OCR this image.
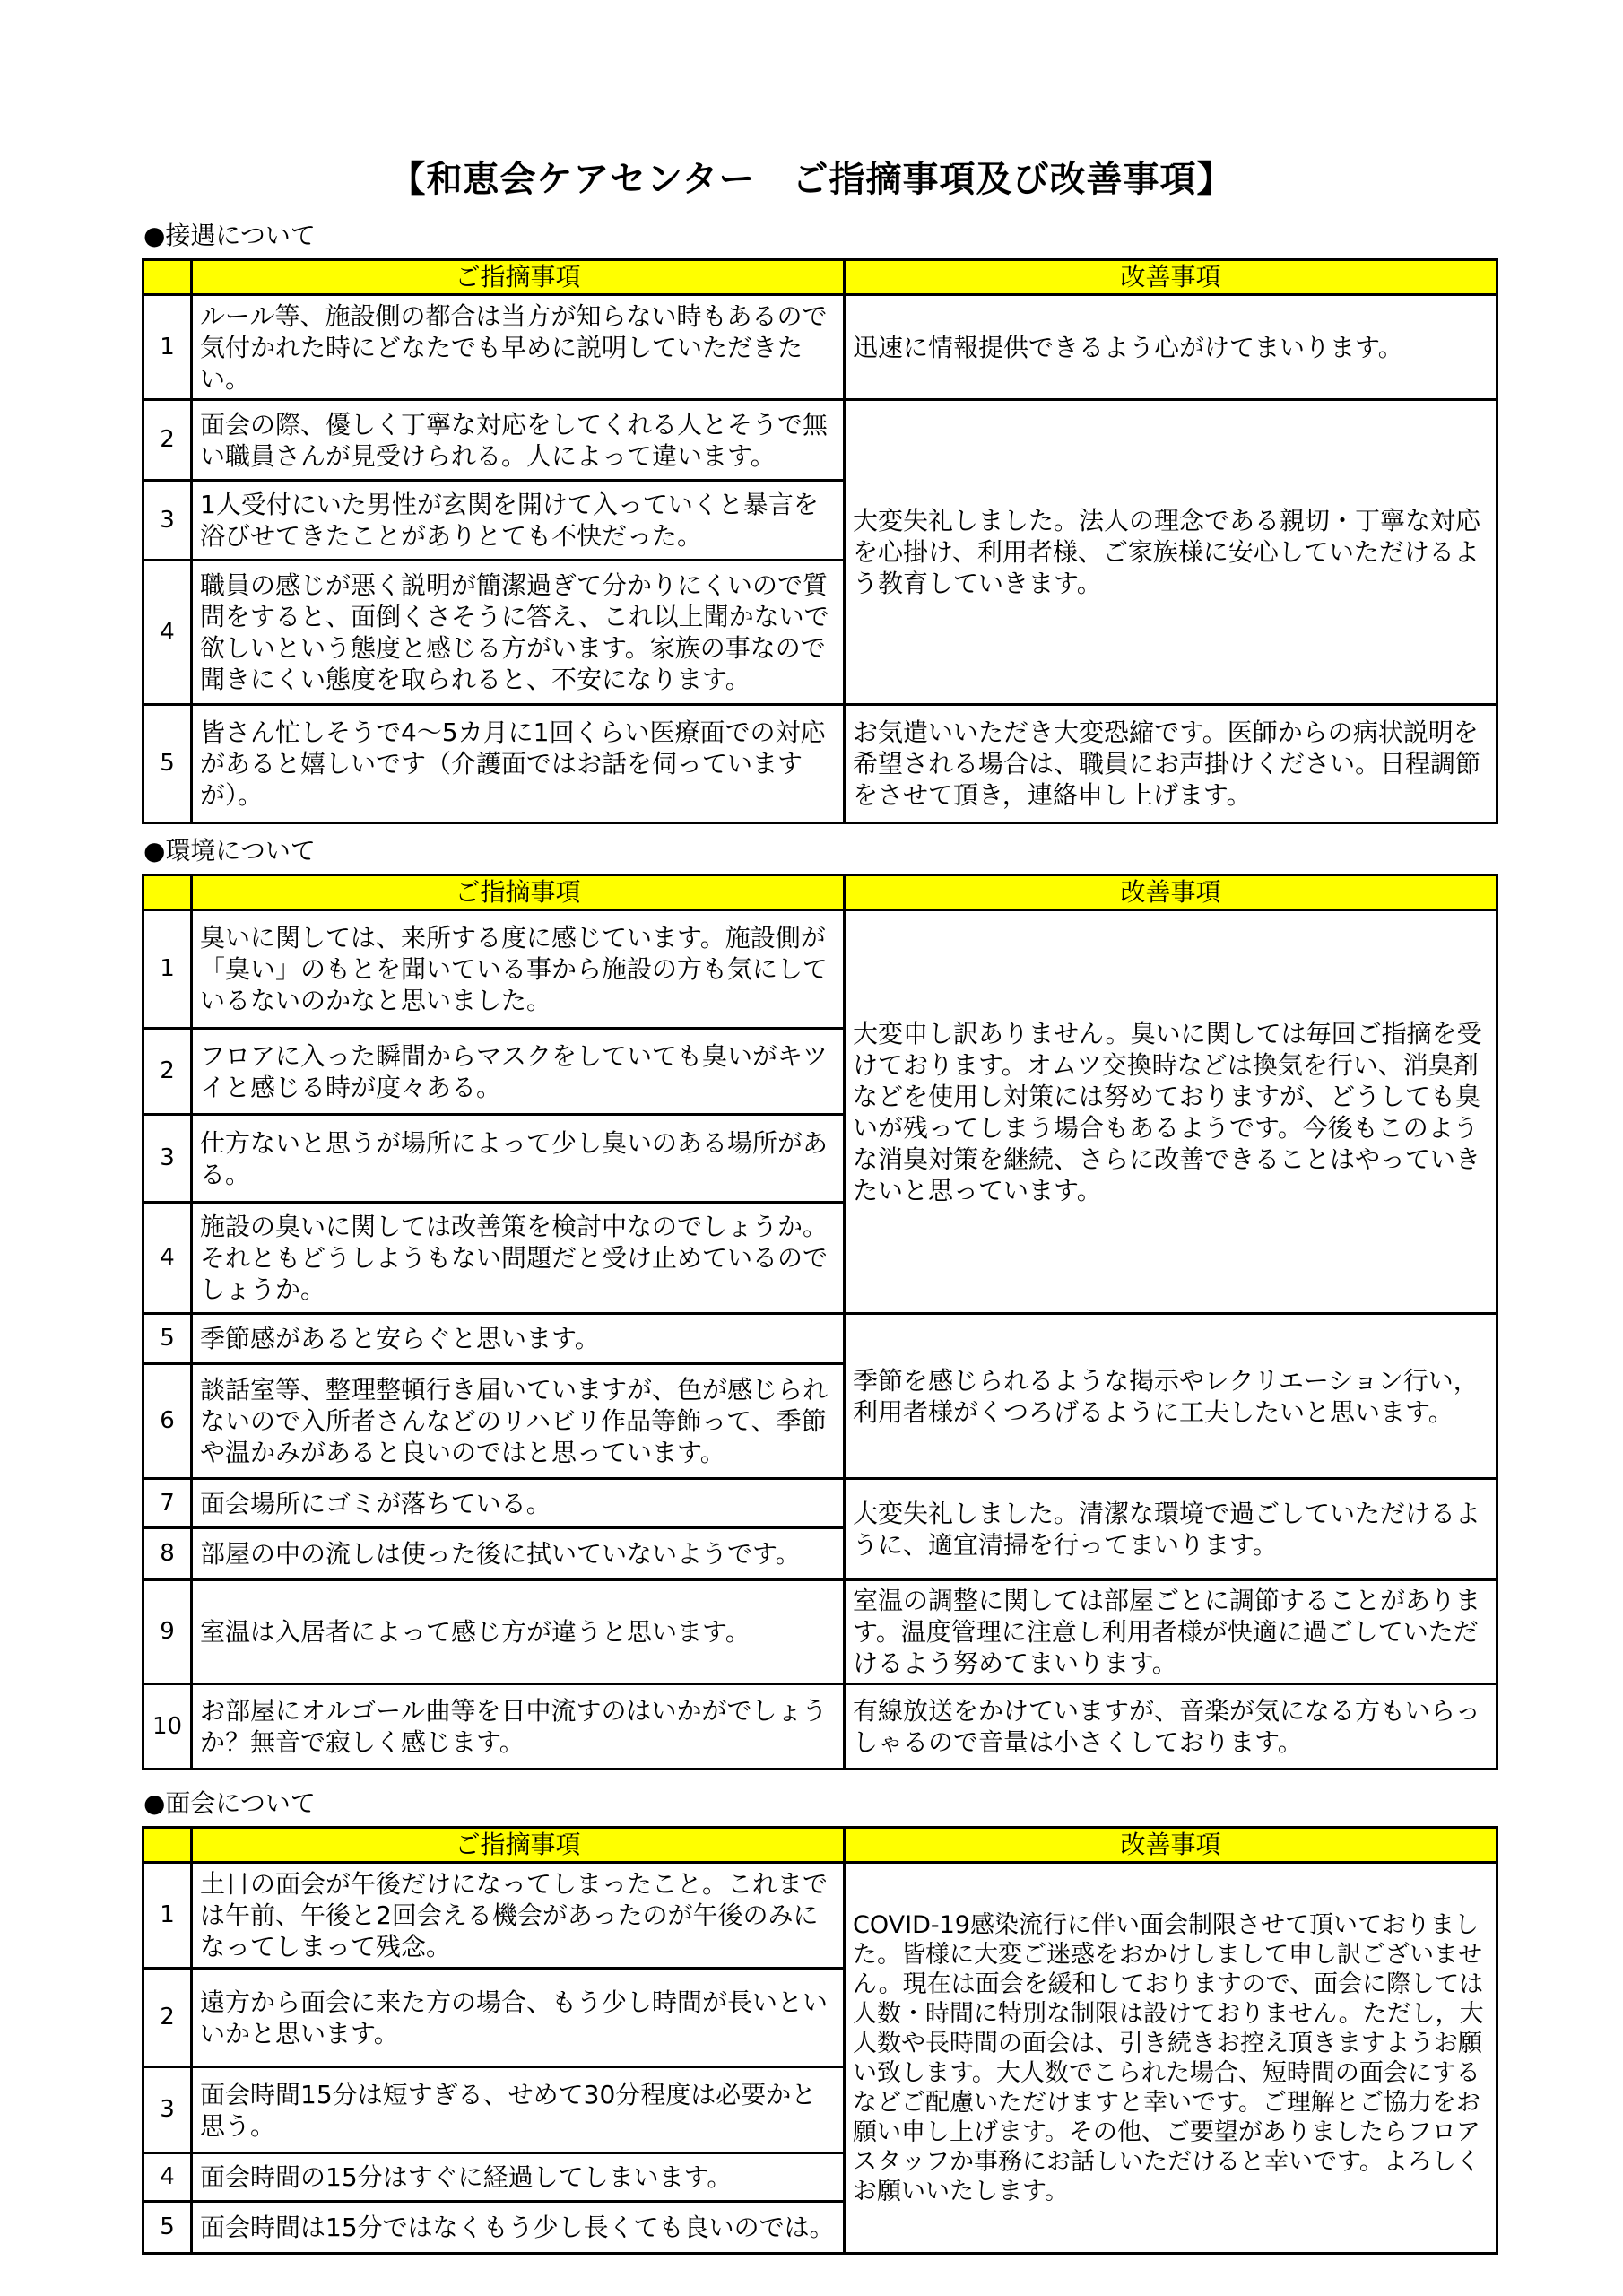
【和恵会ケアセンター　ご指摘事項及び改善事項】
●接遇について
	ご指摘事項	改善事項
1	ルール等、施設側の都合は当方が知らない時もあるので気付かれた時にどなたでも早めに説明していただきたい。	迅速に情報提供できるよう心がけてまいります。
2	面会の際、優しく丁寧な対応をしてくれる人とそうで無い職員さんが見受けられる。人によって違います。	大変失礼しました。法人の理念である親切・丁寧な対応を心掛け、利用者様、ご家族様に安心していただけるよう教育していきます。
3	1人受付にいた男性が玄関を開けて入っていくと暴言を浴びせてきたことがありとても不快だった。	
4	職員の感じが悪く説明が簡潔過ぎて分かりにくいので質問をすると、面倒くさそうに答え、これ以上聞かないで欲しいという態度と感じる方がいます。家族の事なので聞きにくい態度を取られると、不安になります。	
5	皆さん忙しそうで4～5カ月に1回くらい医療面での対応があると嬉しいです（介護面ではお話を伺っていますが）。	お気遣いいただき大変恐縮です。医師からの病状説明を希望される場合は、職員にお声掛けください。日程調節をさせて頂き，連絡申し上げます。
●環境について
	ご指摘事項	改善事項
1	臭いに関しては、来所する度に感じています。施設側が「臭い」のもとを聞いている事から施設の方も気にしているないのかなと思いました。	大変申し訳ありません。臭いに関しては毎回ご指摘を受けております。オムツ交換時などは換気を行い、消臭剤などを使用し対策には努めておりますが、どうしても臭いが残ってしまう場合もあるようです。今後もこのような消臭対策を継続、さらに改善できることはやっていきたいと思っています。
2	フロアに入った瞬間からマスクをしていても臭いがキツイと感じる時が度々ある。	
3	仕方ないと思うが場所によって少し臭いのある場所がある。	
4	施設の臭いに関しては改善策を検討中なのでしょうか。それともどうしようもない問題だと受け止めているのでしょうか。	
5	季節感があると安らぐと思います。	季節を感じられるような掲示やレクリエーション行い，利用者様がくつろげるように工夫したいと思います。
6	談話室等、整理整頓行き届いていますが、色が感じられないので入所者さんなどのリハビリ作品等飾って、季節や温かみがあると良いのではと思っています。	
7	面会場所にゴミが落ちている。	大変失礼しました。清潔な環境で過ごしていただけるように、適宜清掃を行ってまいります。
8	部屋の中の流しは使った後に拭いていないようです。	
9	室温は入居者によって感じ方が違うと思います。	室温の調整に関しては部屋ごとに調節することがあります。温度管理に注意し利用者様が快適に過ごしていただけるよう努めてまいります。
10	お部屋にオルゴール曲等を日中流すのはいかがでしょうか？無音で寂しく感じます。	有線放送をかけていますが、音楽が気になる方もいらっしゃるので音量は小さくしております。
●面会について
	ご指摘事項	改善事項
1	土日の面会が午後だけになってしまったこと。これまでは午前、午後と2回会える機会があったのが午後のみになってしまって残念。	COVID-19感染流行に伴い面会制限させて頂いておりました。皆様に大変ご迷惑をおかけしまして申し訳ございません。現在は面会を緩和しておりますので、面会に際しては人数・時間に特別な制限は設けておりません。ただし，大人数や長時間の面会は、引き続きお控え頂きますようお願い致します。大人数でこられた場合、短時間の面会にするなどご配慮いただけますと幸いです。ご理解とご協力をお願い申し上げます。その他、ご要望がありましたらフロアスタッフか事務にお話しいただけると幸いです。よろしくお願いいたします。
2	遠方から面会に来た方の場合、もう少し時間が長いといいかと思います。	
3	面会時間15分は短すぎる、せめて30分程度は必要かと思う。	
4	面会時間の15分はすぐに経過してしまいます。	
5	面会時間は15分ではなくもう少し長くても良いのでは。	
